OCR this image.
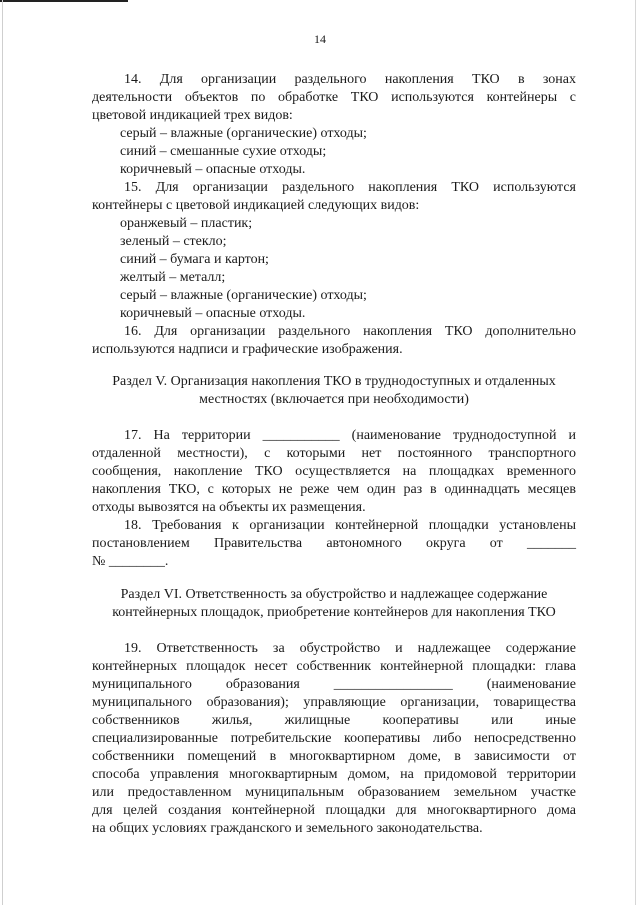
14
14. Для организации раздельного накопления ТКО в зонах
деятельности объектов по обработке ТКО используются контейнеры с
цветовой индикацией трех видов:
серый – влажные (органические) отходы;
синий – смешанные сухие отходы;
коричневый – опасные отходы.
15. Для организации раздельного накопления ТКО используются
контейнеры с цветовой индикацией следующих видов:
оранжевый – пластик;
зеленый – стекло;
синий – бумага и картон;
желтый – металл;
серый – влажные (органические) отходы;
коричневый – опасные отходы.
16. Для организации раздельного накопления ТКО дополнительно
используются надписи и графические изображения.
Раздел V. Организация накопления ТКО в труднодоступных и отдаленных
местностях (включается при необходимости)
17. На территории ___________ (наименование труднодоступной и
отдаленной местности), с которыми нет постоянного транспортного
сообщения, накопление ТКО осуществляется на площадках временного
накопления ТКО, с которых не реже чем один раз в одиннадцать месяцев
отходы вывозятся на объекты их размещения.
18. Требования к организации контейнерной площадки установлены
постановлением Правительства автономного округа от _______
№ ________.
Раздел VI. Ответственность за обустройство и надлежащее содержание
контейнерных площадок, приобретение контейнеров для накопления ТКО
19. Ответственность за обустройство и надлежащее содержание
контейнерных площадок несет собственник контейнерной площадки: глава
муниципального образования _________________ (наименование
муниципального образования); управляющие организации, товарищества
собственников жилья, жилищные кооперативы или иные
специализированные потребительские кооперативы либо непосредственно
собственники помещений в многоквартирном доме, в зависимости от
способа управления многоквартирным домом, на придомовой территории
или предоставленном муниципальным образованием земельном участке
для целей создания контейнерной площадки для многоквартирного дома
на общих условиях гражданского и земельного законодательства.
